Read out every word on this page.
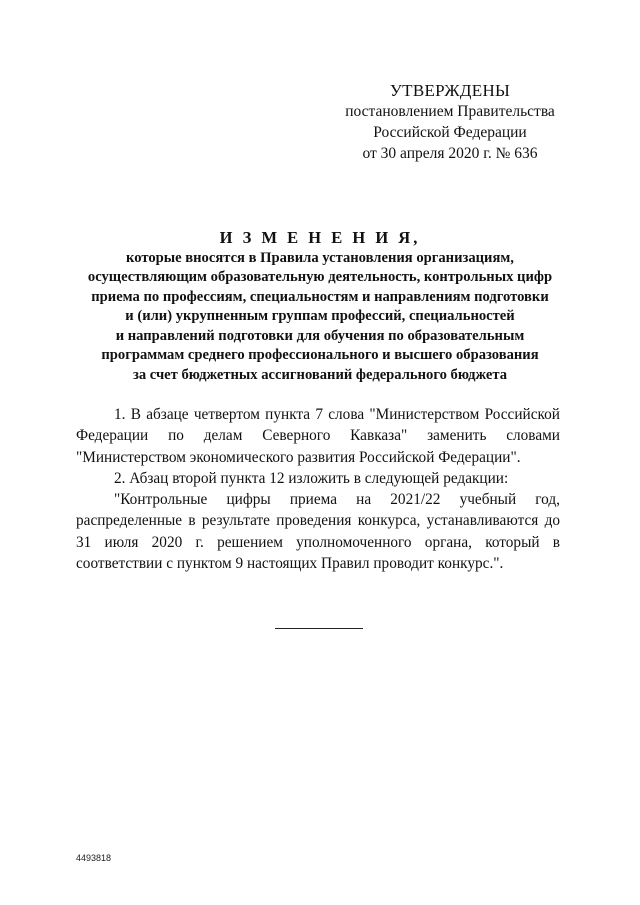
УТВЕРЖДЕНЫ
постановлением Правительства
Российской Федерации
от 30 апреля 2020 г. № 636
И З М Е Н Е Н И Я,
которые вносятся в Правила установления организациям,
осуществляющим образовательную деятельность, контрольных цифр
приема по профессиям, специальностям и направлениям подготовки
и (или) укрупненным группам профессий, специальностей
и направлений подготовки для обучения по образовательным
программам среднего профессионального и высшего образования
за счет бюджетных ассигнований федерального бюджета

1. В абзаце четвертом пункта 7 слова "Министерством Российской Федерации по делам Северного Кавказа" заменить словами "Министерством экономического развития Российской Федерации".

2. Абзац второй пункта 12 изложить в следующей редакции:

"Контрольные цифры приема на 2021/22 учебный год, распределенные в результате проведения конкурса, устанавливаются до 31 июля 2020 г. решением уполномоченного органа, который в соответствии с пунктом 9 настоящих Правил проводит конкурс.".

4493818
